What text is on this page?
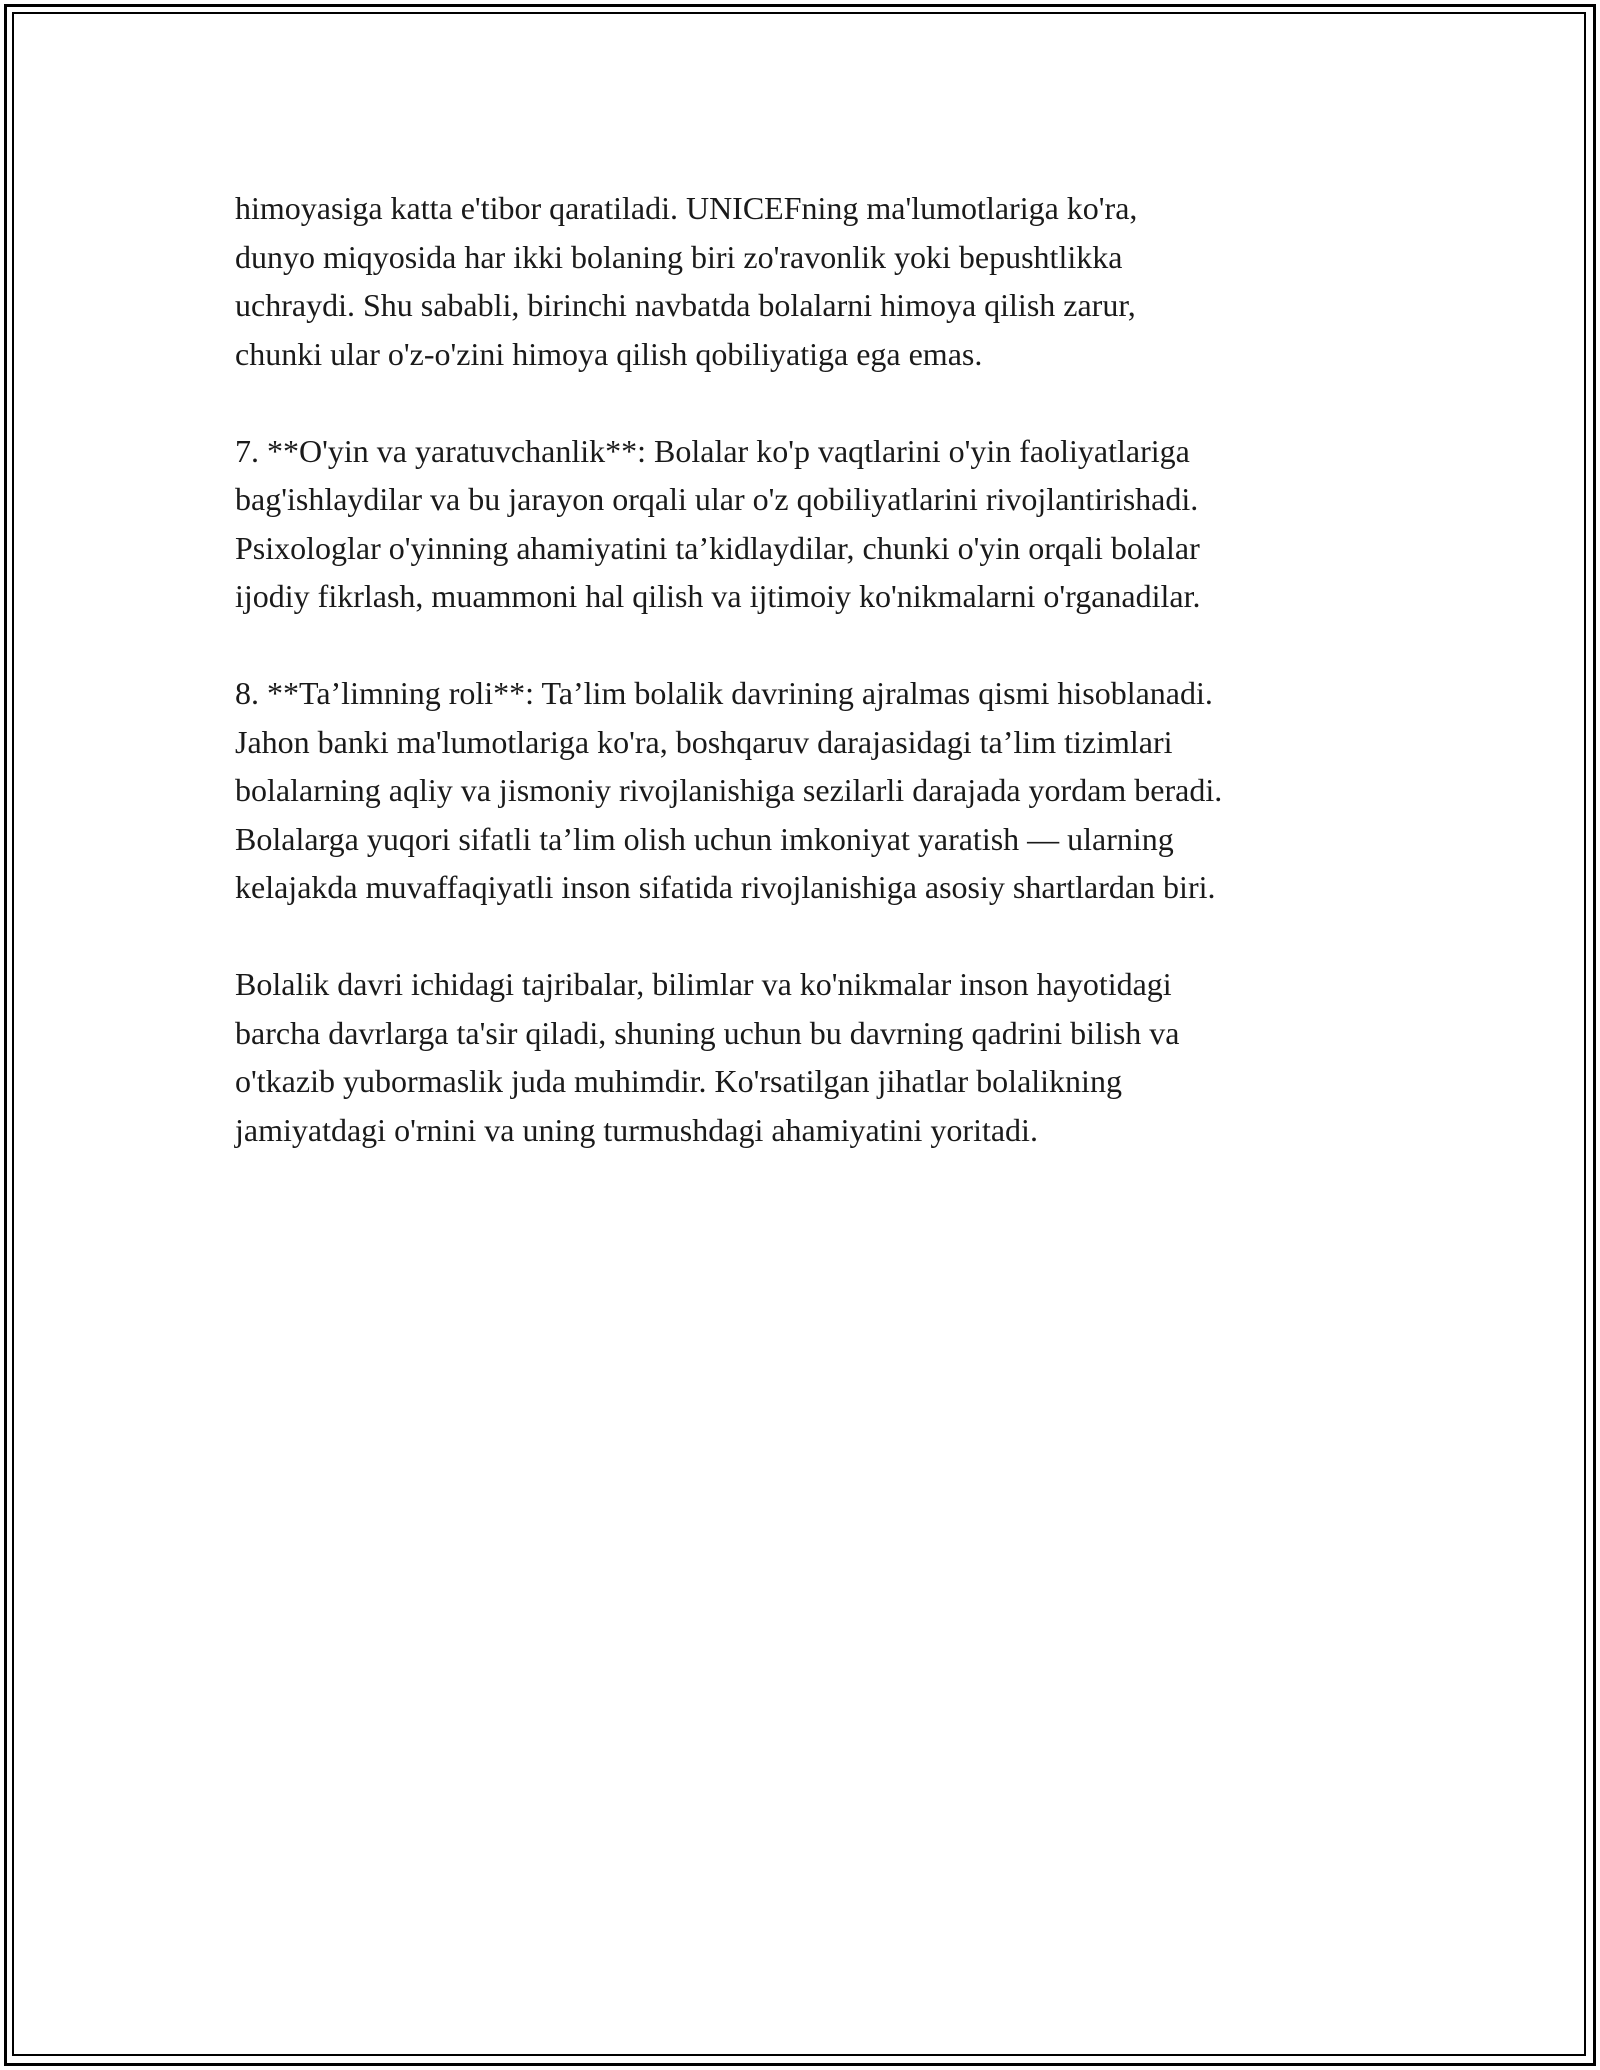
himoyasiga katta e'tibor qaratiladi. UNICEFning ma'lumotlariga ko'ra,
dunyo miqyosida har ikki bolaning biri zo'ravonlik yoki bepushtlikka
uchraydi. Shu sababli, birinchi navbatda bolalarni himoya qilish zarur,
chunki ular o'z-o'zini himoya qilish qobiliyatiga ega emas.

7. **O'yin va yaratuvchanlik**: Bolalar ko'p vaqtlarini o'yin faoliyatlariga
bag'ishlaydilar va bu jarayon orqali ular o'z qobiliyatlarini rivojlantirishadi.
Psixologlar o'yinning ahamiyatini ta’kidlaydilar, chunki o'yin orqali bolalar
ijodiy fikrlash, muammoni hal qilish va ijtimoiy ko'nikmalarni o'rganadilar.

8. **Ta’limning roli**: Ta’lim bolalik davrining ajralmas qismi hisoblanadi.
Jahon banki ma'lumotlariga ko'ra, boshqaruv darajasidagi ta’lim tizimlari
bolalarning aqliy va jismoniy rivojlanishiga sezilarli darajada yordam beradi.
Bolalarga yuqori sifatli ta’lim olish uchun imkoniyat yaratish — ularning
kelajakda muvaffaqiyatli inson sifatida rivojlanishiga asosiy shartlardan biri.

Bolalik davri ichidagi tajribalar, bilimlar va ko'nikmalar inson hayotidagi
barcha davrlarga ta'sir qiladi, shuning uchun bu davrning qadrini bilish va
o'tkazib yubormaslik juda muhimdir. Ko'rsatilgan jihatlar bolalikning
jamiyatdagi o'rnini va uning turmushdagi ahamiyatini yoritadi.
